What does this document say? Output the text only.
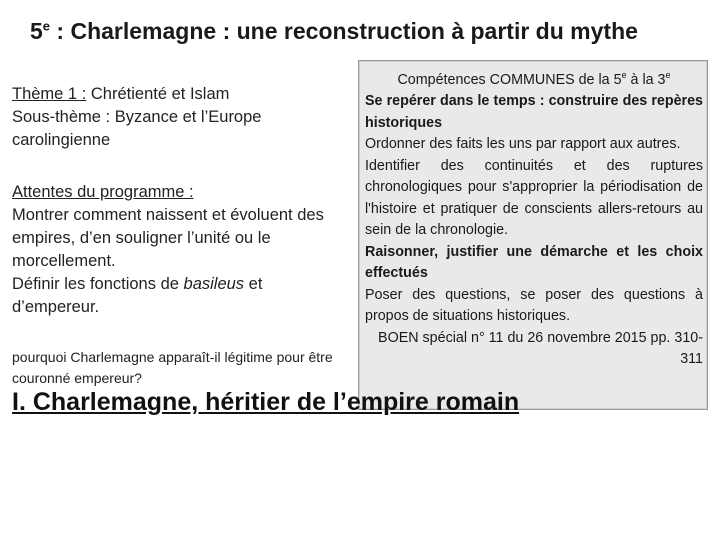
5e : Charlemagne : une reconstruction à partir du mythe
Thème 1 : Chrétienté et Islam
Sous-thème : Byzance et l’Europe carolingienne
Attentes du programme :
Montrer comment naissent et évoluent des empires, d’en souligner l’unité ou le morcellement.
Définir les fonctions de basileus et d’empereur.
pourquoi Charlemagne apparaît-il légitime pour être couronné empereur?
Compétences COMMUNES de la 5e à la 3e
Se repérer dans le temps : construire des repères historiques
Ordonner des faits les uns par rapport aux autres.
Identifier des continuités et des ruptures chronologiques pour s'approprier la périodisation de l'histoire et pratiquer de conscients allers-retours au sein de la chronologie.
Raisonner, justifier une démarche et les choix effectués
Poser des questions, se poser des questions à propos de situations historiques.
BOEN spécial n° 11 du 26 novembre 2015 pp. 310-311
I. Charlemagne, héritier de l’empire romain
